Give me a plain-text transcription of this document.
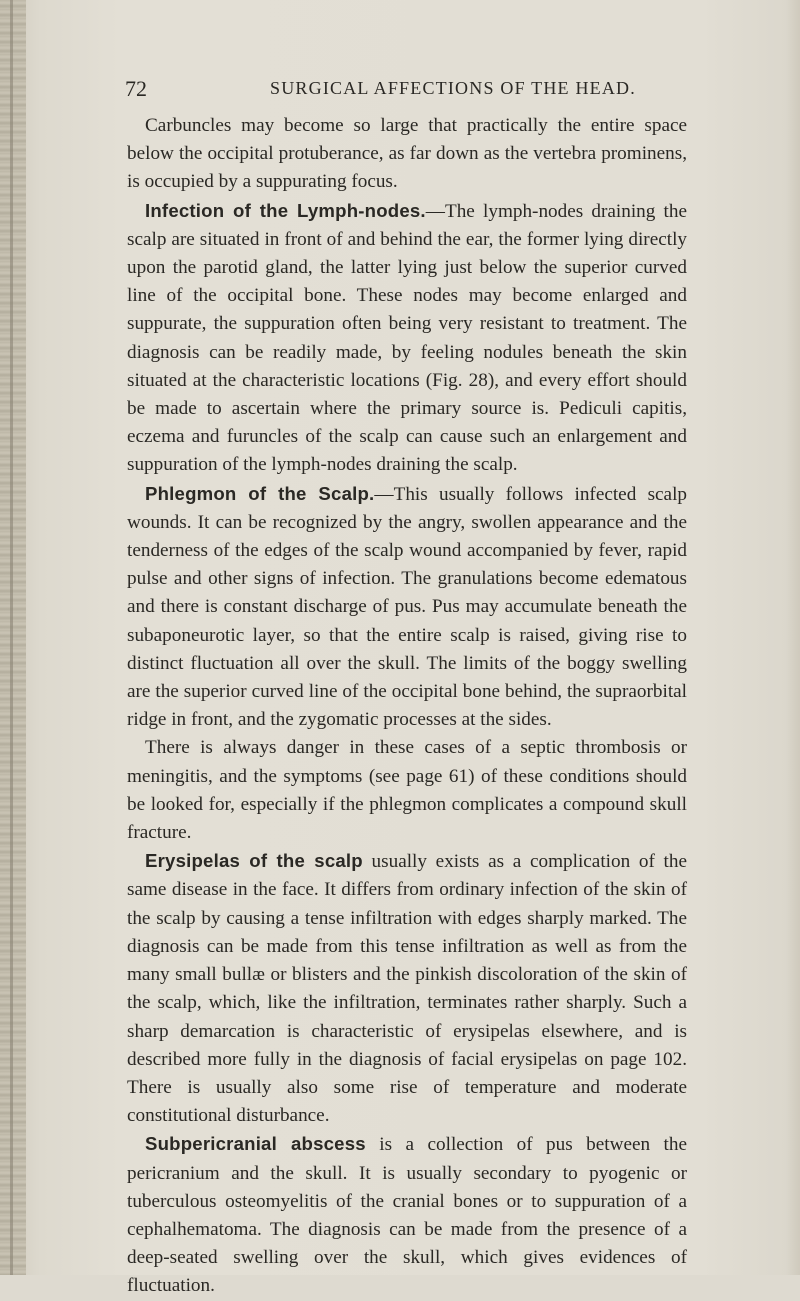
72	SURGICAL AFFECTIONS OF THE HEAD.

Carbuncles may become so large that practically the entire space below the occipital protuberance, as far down as the vertebra prominens, is occupied by a suppurating focus.

Infection of the Lymph-nodes.—The lymph-nodes draining the scalp are situated in front of and behind the ear, the former lying directly upon the parotid gland, the latter lying just below the superior curved line of the occipital bone. These nodes may become enlarged and suppurate, the suppuration often being very resistant to treatment. The diagnosis can be readily made, by feeling nodules beneath the skin situated at the characteristic locations (Fig. 28), and every effort should be made to ascertain where the primary source is. Pediculi capitis, eczema and furuncles of the scalp can cause such an enlargement and suppuration of the lymph-nodes draining the scalp.

Phlegmon of the Scalp.—This usually follows infected scalp wounds. It can be recognized by the angry, swollen appearance and the tenderness of the edges of the scalp wound accompanied by fever, rapid pulse and other signs of infection. The granulations become edematous and there is constant discharge of pus. Pus may accumulate beneath the subaponeurotic layer, so that the entire scalp is raised, giving rise to distinct fluctuation all over the skull. The limits of the boggy swelling are the superior curved line of the occipital bone behind, the supraorbital ridge in front, and the zygomatic processes at the sides.

There is always danger in these cases of a septic thrombosis or meningitis, and the symptoms (see page 61) of these conditions should be looked for, especially if the phlegmon complicates a compound skull fracture.

Erysipelas of the scalp usually exists as a complication of the same disease in the face. It differs from ordinary infection of the skin of the scalp by causing a tense infiltration with edges sharply marked. The diagnosis can be made from this tense infiltration as well as from the many small bullæ or blisters and the pinkish discoloration of the skin of the scalp, which, like the infiltration, terminates rather sharply. Such a sharp demarcation is characteristic of erysipelas elsewhere, and is described more fully in the diagnosis of facial erysipelas on page 102. There is usually also some rise of temperature and moderate constitutional disturbance.

Subpericranial abscess is a collection of pus between the pericranium and the skull. It is usually secondary to pyogenic or tuberculous osteomyelitis of the cranial bones or to suppuration of a cephalhematoma. The diagnosis can be made from the presence of a deep-seated swelling over the skull, which gives evidences of fluctuation.
